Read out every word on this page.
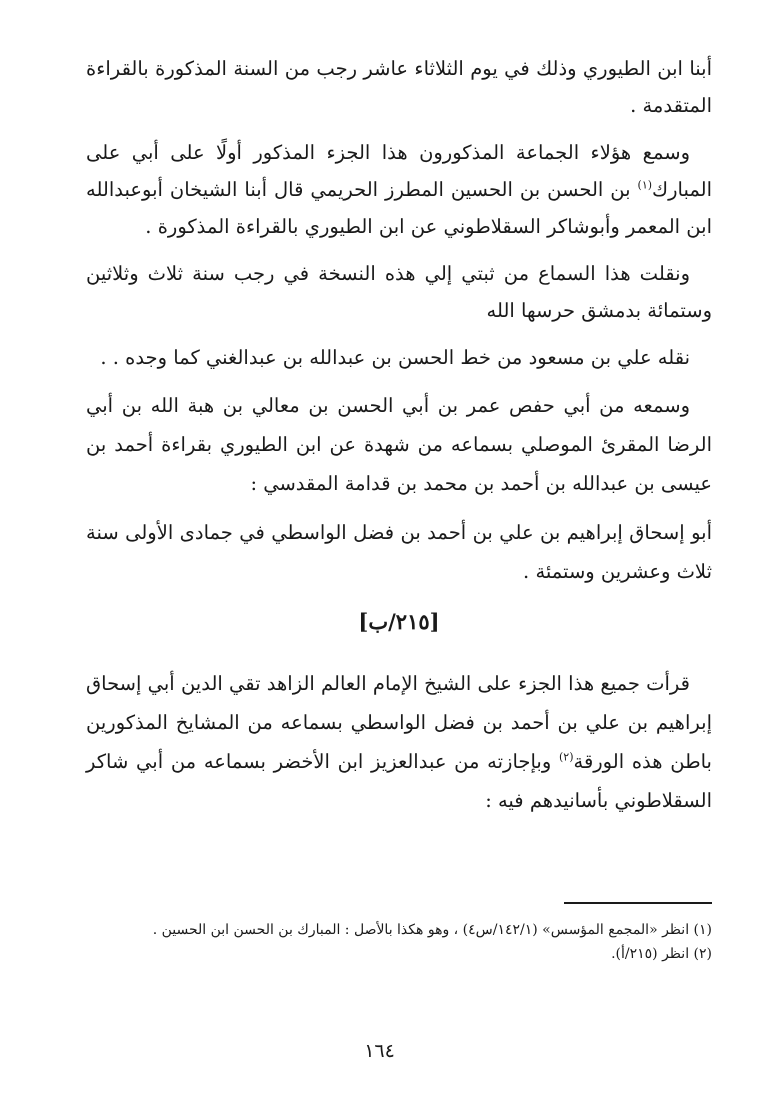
أبنا ابن الطيوري وذلك في يوم الثلاثاء عاشر رجب من السنة المذكورة بالقراءة المتقدمة .

وسمع هؤلاء الجماعة المذكورون هذا الجزء المذكور أولًا على أبي على المبارك$^{(١)}$ بن الحسن بن الحسين المطرز الحريمي قال أبنا الشيخان أبوعبدالله ابن المعمر وأبوشاكر السقلاطوني عن ابن الطيوري بالقراءة المذكورة .

ونقلت هذا السماع من ثبتي إلي هذه النسخة في رجب سنة ثلاث وثلاثين وستمائة بدمشق حرسها الله

نقله علي بن مسعود من خط الحسن بن عبدالله بن عبدالغني كما وجده . .

وسمعه من أبي حفص عمر بن أبي الحسن بن معالي بن هبة الله بن أبي الرضا المقرئ الموصلي بسماعه من شهدة عن ابن الطيوري بقراءة أحمد بن عيسى بن عبدالله بن أحمد بن محمد بن قدامة المقدسي :

أبو إسحاق إبراهيم بن علي بن أحمد بن فضل الواسطي في جمادى الأولى سنة ثلاث وعشرين وستمئة .

[٢١٥/ب]

قرأت جميع هذا الجزء على الشيخ الإمام العالم الزاهد تقي الدين أبي إسحاق إبراهيم بن علي بن أحمد بن فضل الواسطي بسماعه من المشايخ المذكورين باطن هذه الورقة$^{(٢)}$ وبإجازته من عبدالعزيز ابن الأخضر بسماعه من أبي شاكر السقلاطوني بأسانيدهم فيه :

(١) انظر «المجمع المؤسس» (١٤٢/١/س٤) ، وهو هكذا بالأصل : المبارك بن الحسن ابن الحسين .

(٢) انظر (٢١٥/أ).

١٦٤
